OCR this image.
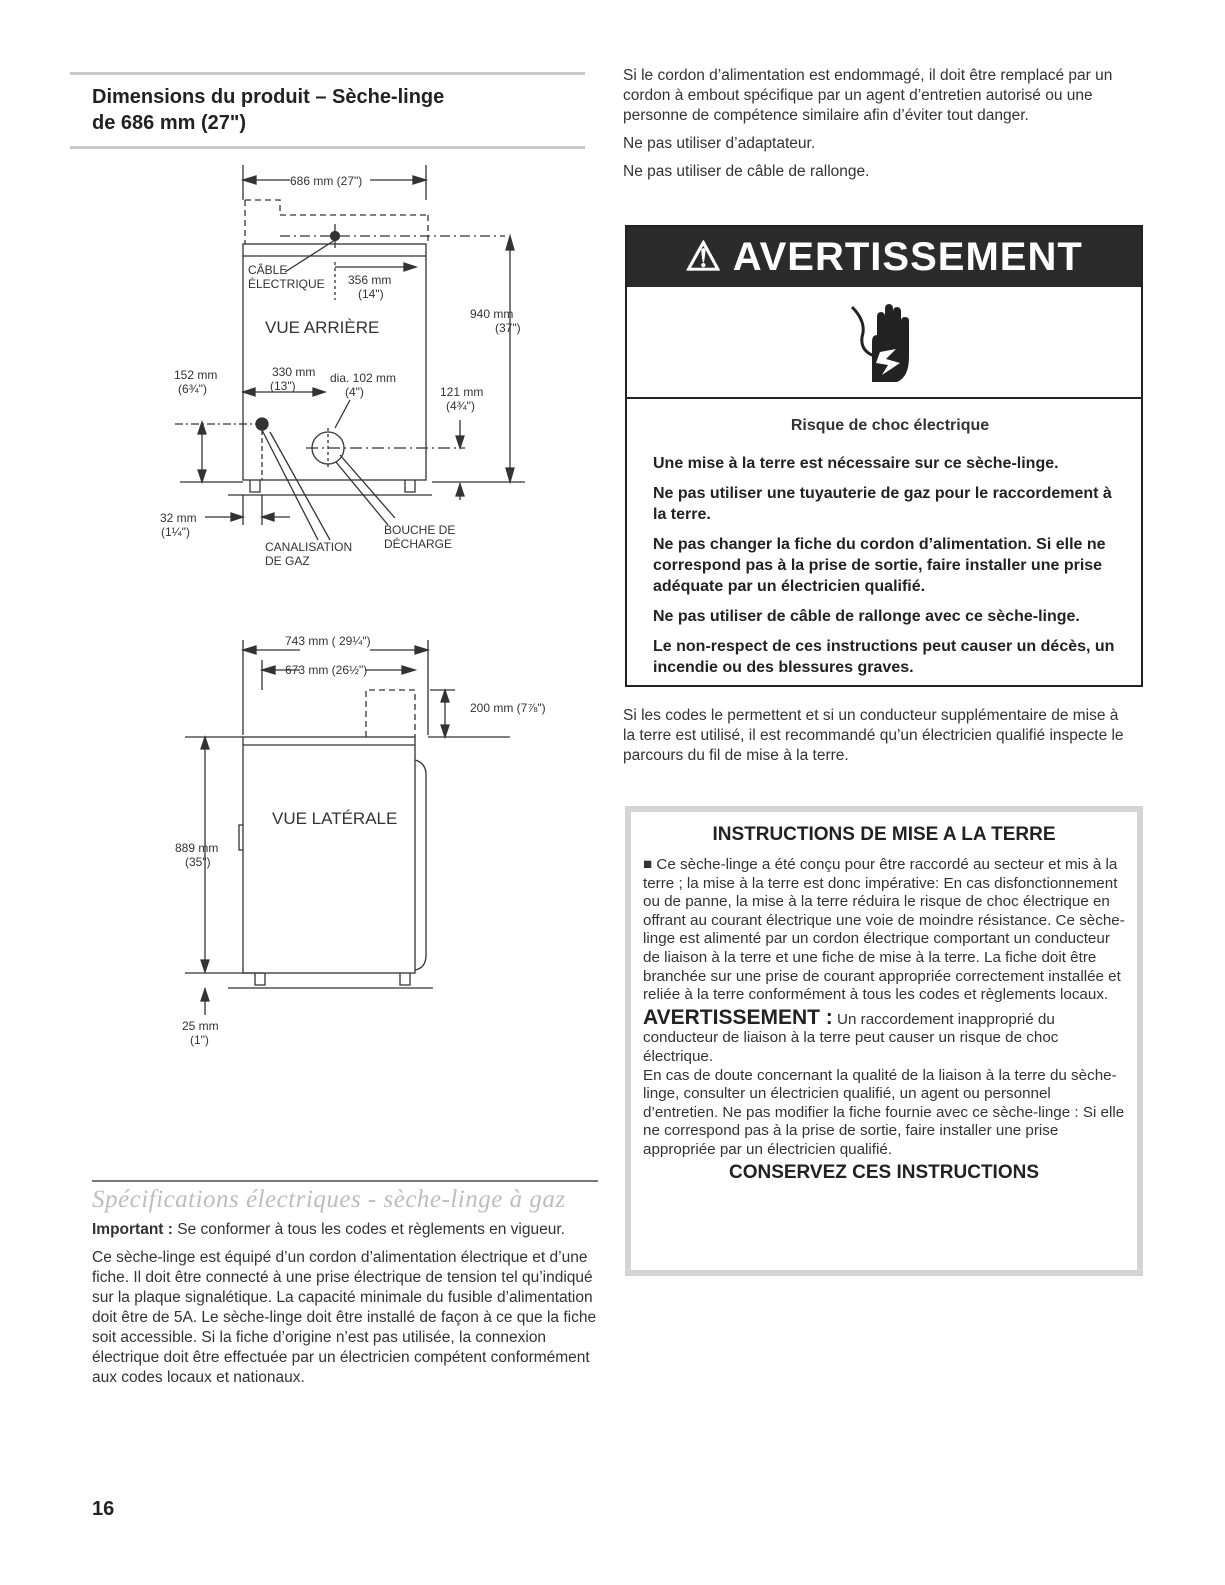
Dimensions du produit – Sèche-linge
de 686 mm (27")
686 mm (27")
CÂBLE
ÉLECTRIQUE 356 mm
(14")
VUE ARRIÈRE
940 mm
(37")
152 mm
(6¾")
330 mm
(13")
dia. 102 mm
(4")	121 mm
(4¾")
32 mm
(1¼")	BOUCHE DE
DÉCHARGE
CANALISATION
DE GAZ
743 mm ( 29¼")
673 mm (26½")
200 mm (7⅞")
VUE LATÉRALE
889 mm
(35")
25 mm
(1")
Spécifications électriques - sèche-linge à gaz

Important : Se conformer à tous les codes et règlements en vigueur.

Ce sèche-linge est équipé d’un cordon d’alimentation électrique et d’une fiche. Il doit être connecté à une prise électrique de tension tel qu’indiqué sur la plaque signalétique. La capacité minimale du fusible d’alimentation doit être de 5A. Le sèche-linge doit être installé de façon à ce que la fiche soit accessible. Si la fiche d’origine n’est pas utilisée, la connexion électrique doit être effectuée par un électricien compétent conformément aux codes locaux et nationaux.

Si le cordon d’alimentation est endommagé, il doit être remplacé par un cordon à embout spécifique par un agent d’entretien autorisé ou une personne de compétence similaire afin d’éviter tout danger.

Ne pas utiliser d’adaptateur.

Ne pas utiliser de câble de rallonge.

⚠ AVERTISSEMENT
Risque de choc électrique

Une mise à la terre est nécessaire sur ce sèche-linge.

Ne pas utiliser une tuyauterie de gaz pour le raccordement à la terre.

Ne pas changer la fiche du cordon d’alimentation. Si elle ne correspond pas à la prise de sortie, faire installer une prise adéquate par un électricien qualifié.

Ne pas utiliser de câble de rallonge avec ce sèche-linge.

Le non-respect de ces instructions peut causer un décès, un incendie ou des blessures graves.

Si les codes le permettent et si un conducteur supplémentaire de mise à la terre est utilisé, il est recommandé qu’un électricien qualifié inspecte le parcours du fil de mise à la terre.

INSTRUCTIONS DE MISE A LA TERRE

■ Ce sèche-linge a été conçu pour être raccordé au secteur et mis à la terre ; la mise à la terre est donc impérative: En cas disfonctionnement ou de panne, la mise à la terre réduira le risque de choc électrique en offrant au courant électrique une voie de moindre résistance. Ce sèche-linge est alimenté par un cordon électrique comportant un conducteur de liaison à la terre et une fiche de mise à la terre. La fiche doit être branchée sur une prise de courant appropriée correctement installée et reliée à la terre conformément à tous les codes et règlements locaux.

AVERTISSEMENT : Un raccordement inapproprié du conducteur de liaison à la terre peut causer un risque de choc électrique.

En cas de doute concernant la qualité de la liaison à la terre du sèche-linge, consulter un électricien qualifié, un agent ou personnel d’entretien. Ne pas modifier la fiche fournie avec ce sèche-linge : Si elle ne correspond pas à la prise de sortie, faire installer une prise appropriée par un électricien qualifié.

CONSERVEZ CES INSTRUCTIONS
16
